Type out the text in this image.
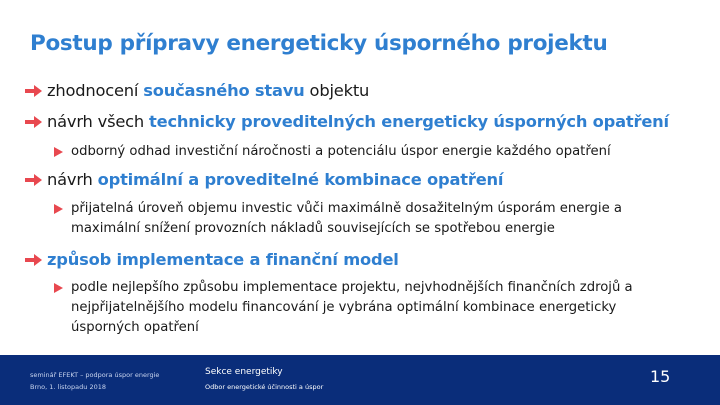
Postup přípravy energeticky úsporného projektu
zhodnocení současného stavu objektu
návrh všech technicky proveditelných energeticky úsporných opatření
odborný odhad investiční náročnosti a potenciálu úspor energie každého opatření
návrh optimální a proveditelné kombinace opatření
přijatelná úroveň objemu investic vůči maximálně dosažitelným úsporám energie a maximální snížení provozních nákladů souvisejících se spotřebou energie
způsob implementace a finanční model
podle nejlepšího způsobu implementace projektu, nejvhodnějších finančních zdrojů a nejpřijatelnějšího modelu financování je vybrána optimální kombinace energeticky úsporných opatření
seminář EFEKT – podpora úspor energie
Brno, 1. listopadu 2018
Sekce energetiky
Odbor energetické účinnosti a úspor
15
